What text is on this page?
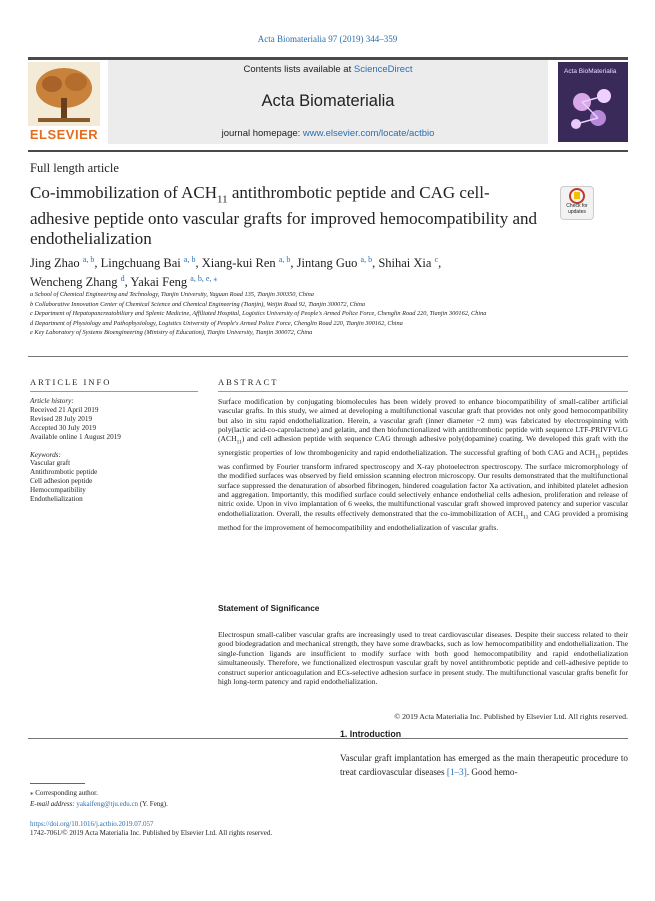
Acta Biomaterialia 97 (2019) 344–359
ELSEVIER
Contents lists available at ScienceDirect
Acta Biomaterialia
journal homepage: www.elsevier.com/locate/actbio
Acta BioMaterialia
Full length article
Co-immobilization of $ACH_{11}$ antithrombotic peptide and CAG cell-adhesive peptide onto vascular grafts for improved hemocompatibility and endothelialization
Check for updates
Jing Zhao $^{a, b}$, Lingchuang Bai $^{a, b}$, Xiang-kui Ren $^{a, b}$, Jintang Guo $^{a, b}$, Shihai Xia $^c$,
Wencheng Zhang $^d$, Yakai Feng $^{a, b, e, ⁎}$
a School of Chemical Engineering and Technology, Tianjin University, Yaguan Road 135, Tianjin 300350, China
b Collaborative Innovation Center of Chemical Science and Chemical Engineering (Tianjin), Weijin Road 92, Tianjin 300072, China
c Department of Hepatopancreatobiliary and Splenic Medicine, Affiliated Hospital, Logistics University of People's Armed Police Force, Chenglin Road 220, Tianjin 300162, China
d Department of Physiology and Pathophysiology, Logistics University of People's Armed Police Force, Chenglin Road 220, Tianjin 300162, China
e Key Laboratory of Systems Bioengineering (Ministry of Education), Tianjin University, Tianjin 300072, China
ARTICLE INFO	ABSTRACT
Article history:
Received 21 April 2019
Revised 28 July 2019
Accepted 30 July 2019
Available online 1 August 2019
Keywords:
Vascular graft
Antithrombotic peptide
Cell adhesion peptide
Hemocompatibility
Endothelialization
Surface modification by conjugating biomolecules has been widely proved to enhance biocompatibility of small-caliber artificial vascular grafts. In this study, we aimed at developing a multifunctional vascular graft that provides not only good hemocompatibility but also in situ rapid endothelialization. Herein, a vascular graft (inner diameter ~2 mm) was fabricated by electrospinning with poly(lactic acid-co-caprolactone) and gelatin, and then biofunctionalized with antithrombotic peptide with sequence LTF-PRIVFVLG $(ACH_{11})$ and cell adhesion peptide with sequence CAG through adhesive poly(dopamine) coating. We developed this graft with the synergistic properties of low thrombogenicity and rapid endothelialization. The successful grafting of both CAG and $ACH_{11}$ peptides was confirmed by Fourier transform infrared spectroscopy and X-ray photoelectron spectroscopy. The surface micromorphology of the modified surfaces was observed by field emission scanning electron microscopy. Our results demonstrated that the multifunctional surface suppressed the denaturation of absorbed fibrinogen, hindered coagulation factor Xa activation, and inhibited platelet adhesion and aggregation. Importantly, this modified surface could selectively enhance endothelial cells adhesion, proliferation and release of nitric oxide. Upon in vivo implantation of 6 weeks, the multifunctional vascular graft showed improved patency and superior vascular endothelialization. Overall, the results effectively demonstrated that the co-immobilization of $ACH_{11}$ and CAG provided a promising method for the improvement of hemocompatibility and endothelialization of vascular grafts.
Statement of Significance
Electrospun small-caliber vascular grafts are increasingly used to treat cardiovascular diseases. Despite their success related to their good biodegradation and mechanical strength, they have some drawbacks, such as low hemocompatibility and endothelialization. The single-function ligands are insufficient to modify surface with both good hemocompatibility and rapid endothelialization simultaneously. Therefore, we functionalized electrospun vascular graft by novel antithrombotic peptide and cell-adhesive peptide to construct superior anticoagulation and ECs-selective adhesion surface in present study. The multifunctional vascular grafts benefit for high long-term patency and rapid endothelialization.
© 2019 Acta Materialia Inc. Published by Elsevier Ltd. All rights reserved.
1. Introduction
Vascular graft implantation has emerged as the main therapeutic procedure to treat cardiovascular diseases [1–3]. Good hemo-
⁎ Corresponding author.
E-mail address: yakaifeng@tju.edu.cn (Y. Feng).
https://doi.org/10.1016/j.actbio.2019.07.057
1742-7061/© 2019 Acta Materialia Inc. Published by Elsevier Ltd. All rights reserved.
